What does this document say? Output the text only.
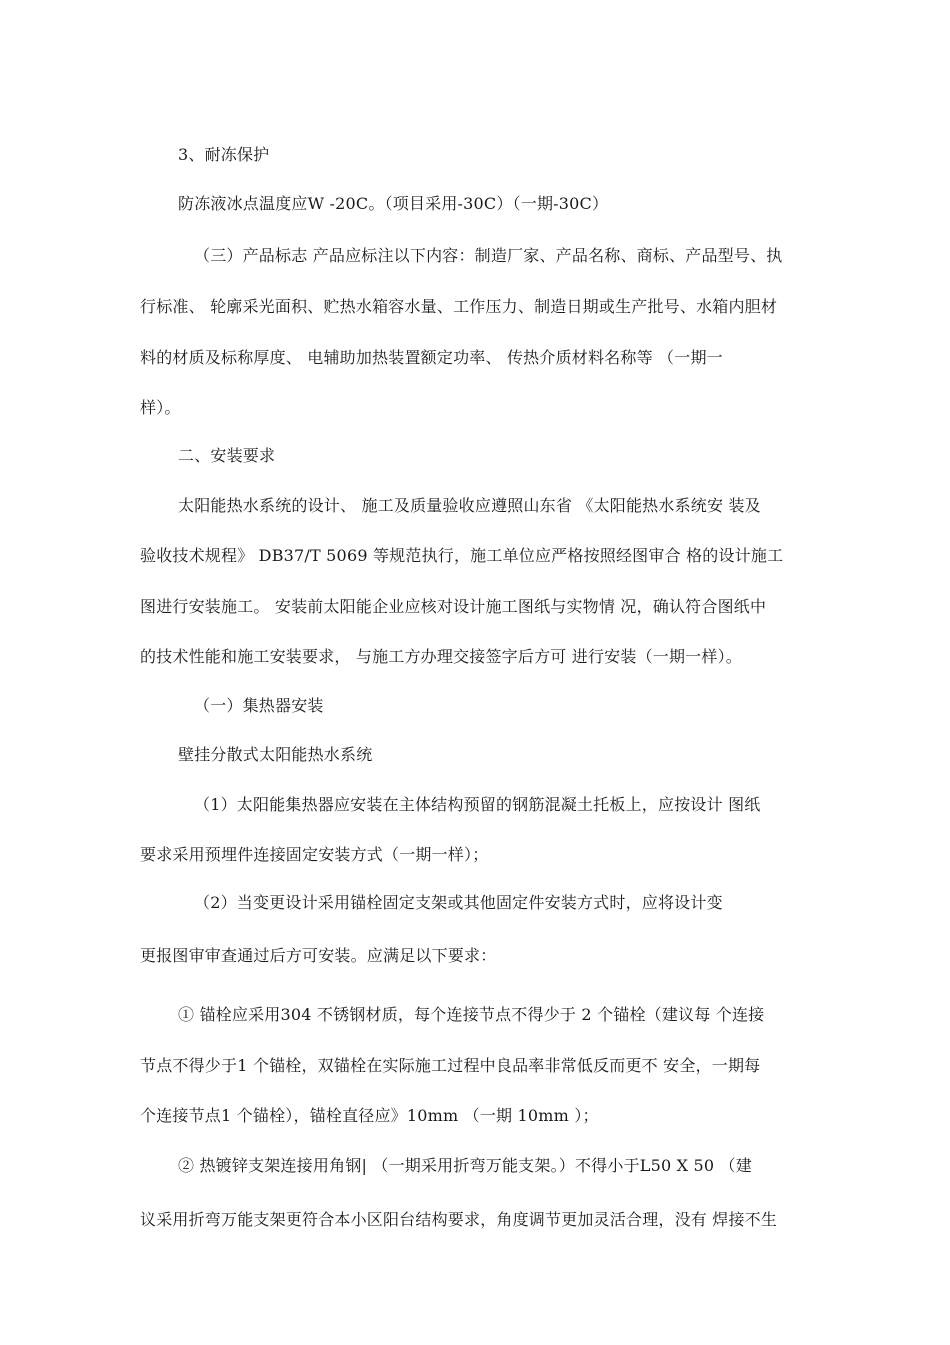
3、耐冻保护
防冻液冰点温度应W -20C。（项目采用-30C）（一期-30C）
（三）产品标志 产品应标注以下内容：制造厂家、产品名称、商标、产品型号、执
行标准、 轮廓采光面积、贮热水箱容水量、工作压力、制造日期或生产批号、水箱内胆材
料的材质及标称厚度、 电辅助加热装置额定功率、 传热介质材料名称等 （一期一
样）。
二、安装要求
太阳能热水系统的设计、 施工及质量验收应遵照山东省 《太阳能热水系统安 装及
验收技术规程》 DB37/T 5069 等规范执行，施工单位应严格按照经图审合 格的设计施工
图进行安装施工。 安装前太阳能企业应核对设计施工图纸与实物情 况，确认符合图纸中
的技术性能和施工安装要求， 与施工方办理交接签字后方可 进行安装（一期一样）。
（一）集热器安装
壁挂分散式太阳能热水系统
（1）太阳能集热器应安装在主体结构预留的钢筋混凝土托板上，应按设计 图纸
要求采用预埋件连接固定安装方式（一期一样）；
（2）当变更设计采用锚栓固定支架或其他固定件安装方式时，应将设计变
更报图审审查通过后方可安装。应满足以下要求：
① 锚栓应采用304 不锈钢材质，每个连接节点不得少于 2 个锚栓（建议每 个连接
节点不得少于1 个锚栓，双锚栓在实际施工过程中良品率非常低反而更不 安全，一期每
个连接节点1 个锚栓），锚栓直径应》10mm （一期 10mm ）；
② 热镀锌支架连接用角钢| （一期采用折弯万能支架。）不得小于L50 X 50 （建
议采用折弯万能支架更符合本小区阳台结构要求，角度调节更加灵活合理，没有 焊接不生
